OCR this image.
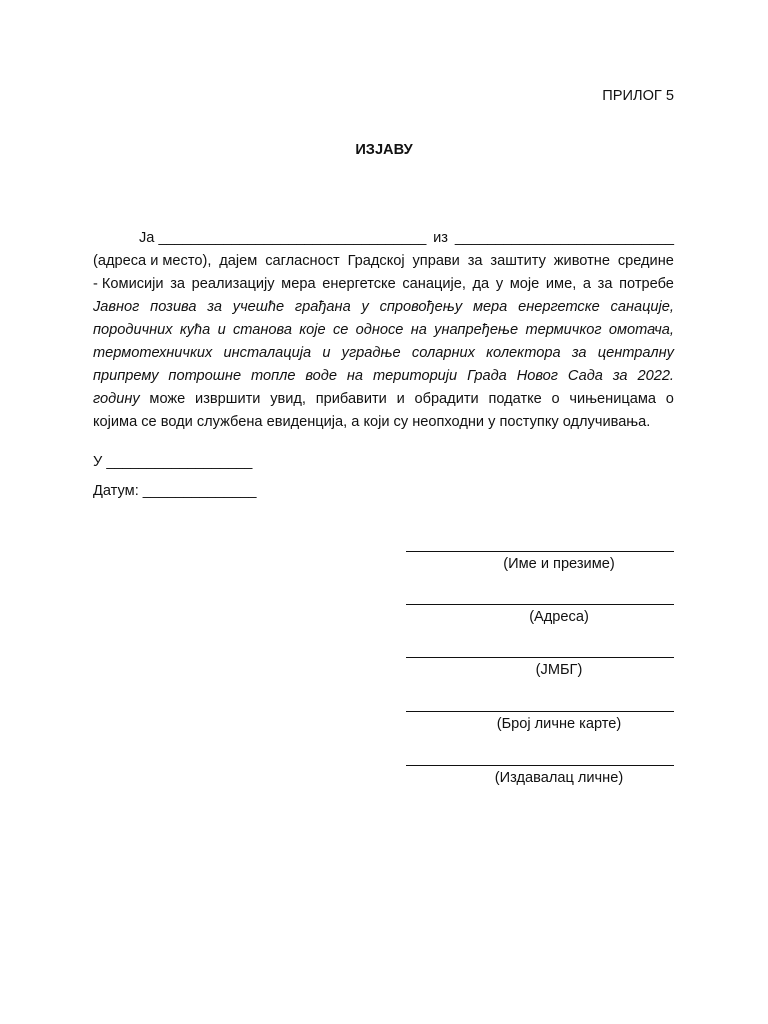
ПРИЛОГ 5
ИЗЈАВУ
Ја _________________________________ из ___________________________
(адреса и место), дајем сагласност Градској управи за заштиту животне средине
- Комисији за реализацију мера енергетске санације, да у моје име, а за потребе
Јавног позива за учешће грађана у спровођењу мера енергетске санације,
породичних кућа и станова које се односе на унапређење термичког омотача,
термотехничких инсталација и уградње соларних колектора за централну
припрему потрошне топле воде на територији Града Новог Сада за 2022.
годину може извршити увид, прибавити и обрадити податке о чињеницама о
којима се води службена евиденција, а који су неопходни у поступку одлучивања.
У __________________
Датум: ______________
(Име и презиме)
(Адреса)
(ЈМБГ)
(Број личне карте)
(Издавалац личне)
